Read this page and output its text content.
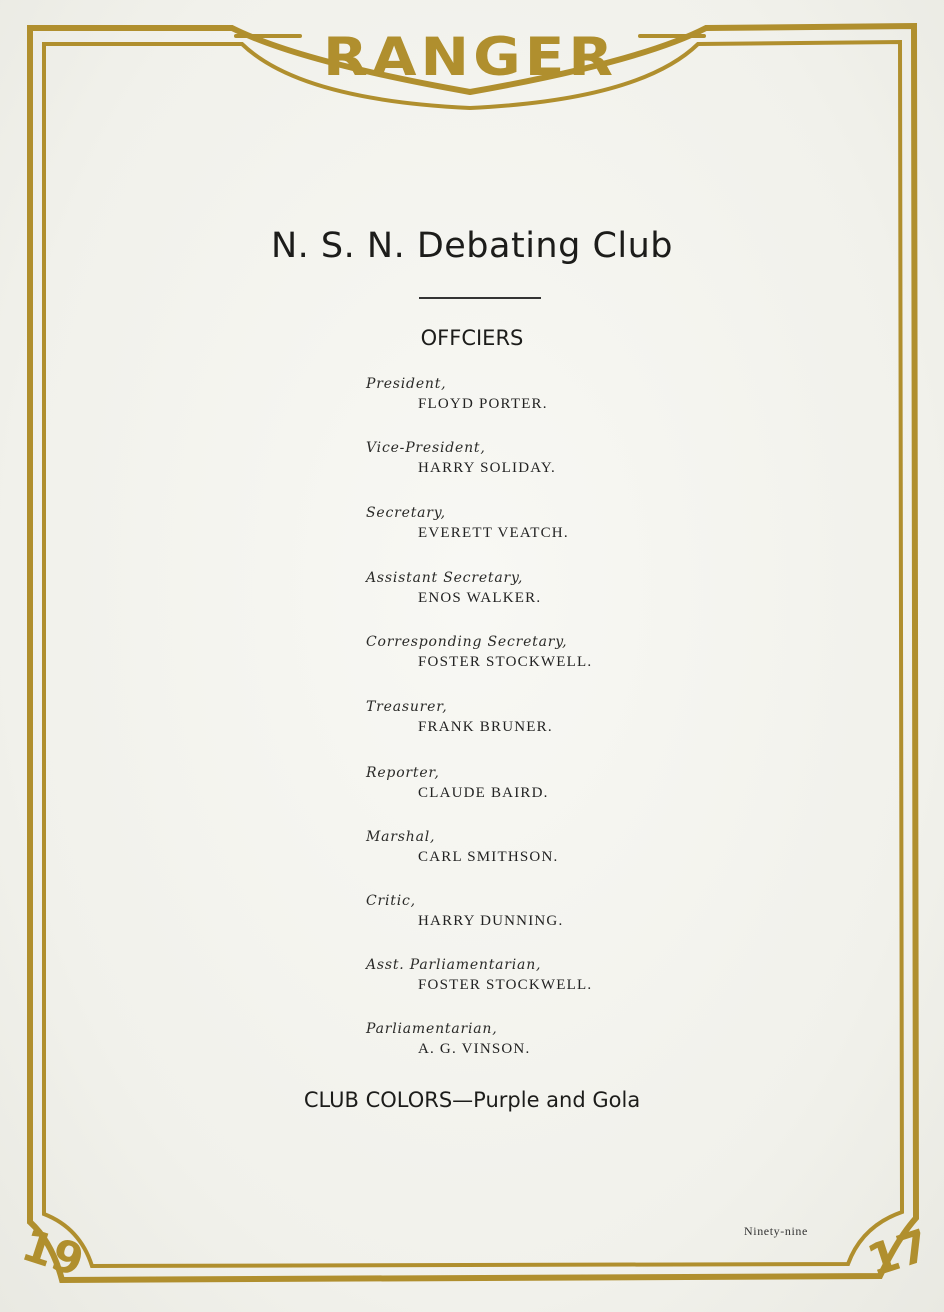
RANGER
19	17
N. S. N. Debating Club
OFFCIERS
President,
FLOYD PORTER.
Vice-President,
HARRY SOLIDAY.
Secretary,
EVERETT VEATCH.
Assistant Secretary,
ENOS WALKER.
Corresponding Secretary,
FOSTER STOCKWELL.
Treasurer,
FRANK BRUNER.
Reporter,
CLAUDE BAIRD.
Marshal,
CARL SMITHSON.
Critic,
HARRY DUNNING.
Asst. Parliamentarian,
FOSTER STOCKWELL.
Parliamentarian,
A. G. VINSON.
CLUB COLORS—Purple and Gola
Ninety-nine
